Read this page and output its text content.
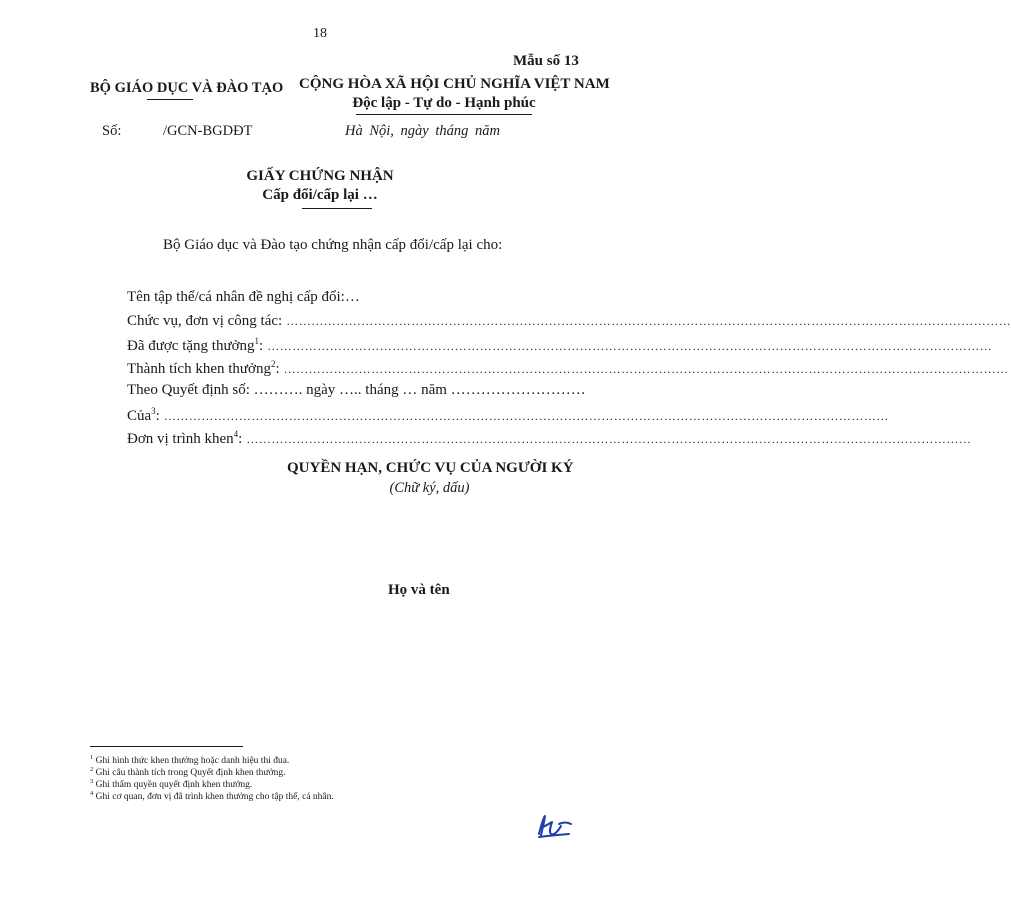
18
Mẫu số 13
BỘ GIÁO DỤC VÀ ĐÀO TẠO CỘNG HÒA XÃ HỘI CHỦ NGHĨA VIỆT NAM
Độc lập - Tự do - Hạnh phúc
Số:	/GCN-BGDĐT	Hà Nội, ngày tháng năm
GIẤY CHỨNG NHẬN
Cấp đổi/cấp lại …
Bộ Giáo dục và Đào tạo chứng nhận cấp đổi/cấp lại cho:
Tên tập thể/cá nhân đề nghị cấp đổi:…
Chức vụ, đơn vị công tác: …………………………………………………………………………………………………………………………………………………………
Đã được tặng thưởng$^1$: …………………………………………………………………………………………………………………………………………………………
Thành tích khen thưởng$^2$: …………………………………………………………………………………………………………………………………………………………
Theo Quyết định số: ………. ngày ….. tháng … năm ………………………
Của$^3$: …………………………………………………………………………………………………………………………………………………………
Đơn vị trình khen$^4$: …………………………………………………………………………………………………………………………………………………………
QUYỀN HẠN, CHỨC VỤ CỦA NGƯỜI KÝ
(Chữ ký, dấu)
Họ và tên
$^1$ Ghi hình thức khen thưởng hoặc danh hiệu thi đua.
$^2$ Ghi câu thành tích trong Quyết định khen thưởng.
$^3$ Ghi thẩm quyền quyết định khen thưởng.
$^4$ Ghi cơ quan, đơn vị đã trình khen thưởng cho tập thể, cá nhân.
